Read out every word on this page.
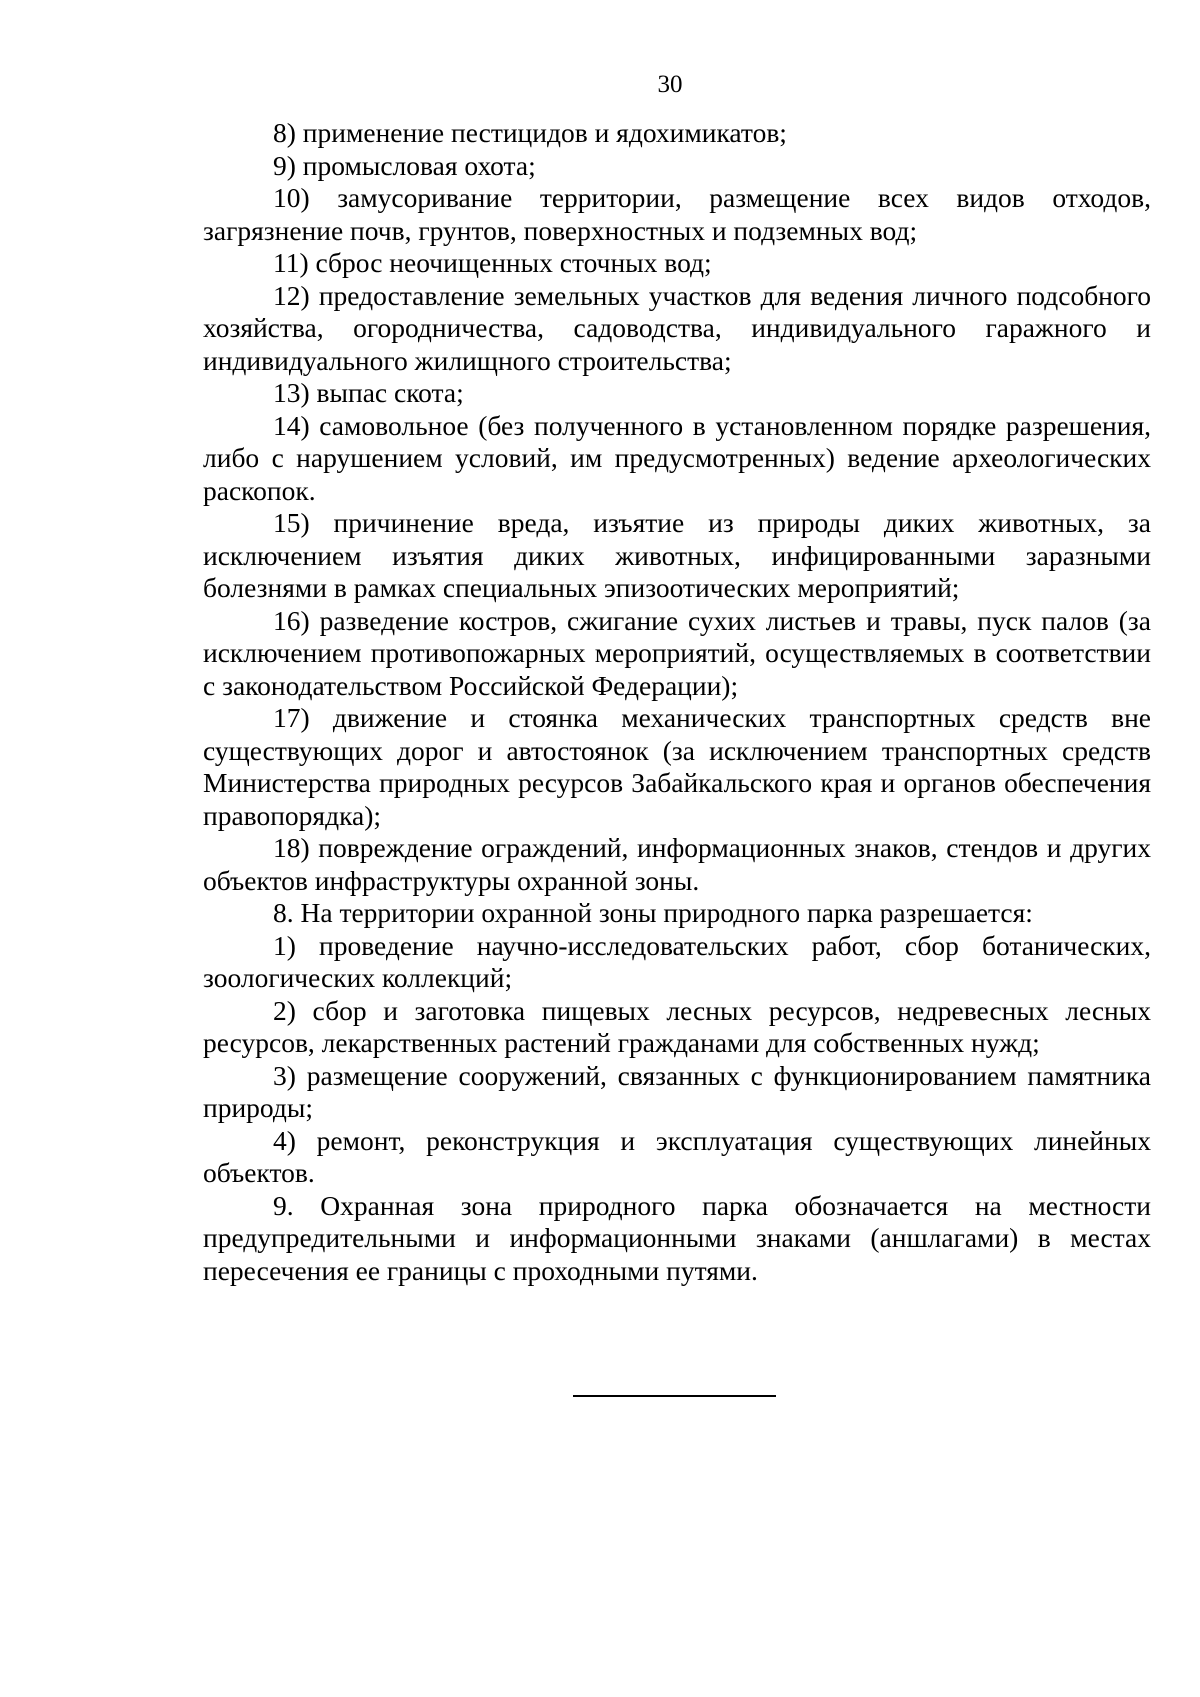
30

8) применение пестицидов и ядохимикатов;

9) промысловая охота;

10) замусоривание территории, размещение всех видов отходов, загрязнение почв, грунтов, поверхностных и подземных вод;

11) сброс неочищенных сточных вод;

12) предоставление земельных участков для ведения личного подсобного хозяйства, огородничества, садоводства, индивидуального гаражного и индивидуального жилищного строительства;

13) выпас скота;

14) самовольное (без полученного в установленном порядке разрешения, либо с нарушением условий, им предусмотренных) ведение археологических раскопок.

15) причинение вреда, изъятие из природы диких животных, за исключением изъятия диких животных, инфицированными заразными болезнями в рамках специальных эпизоотических мероприятий;

16) разведение костров, сжигание сухих листьев и травы, пуск палов (за исключением противопожарных мероприятий, осуществляемых в соответствии с законодательством Российской Федерации);

17) движение и стоянка механических транспортных средств вне существующих дорог и автостоянок (за исключением транспортных средств Министерства природных ресурсов Забайкальского края и органов обеспечения правопорядка);

18) повреждение ограждений, информационных знаков, стендов и других объектов инфраструктуры охранной зоны.

8. На территории охранной зоны природного парка разрешается:

1) проведение научно-исследовательских работ, сбор ботанических, зоологических коллекций;

2) сбор и заготовка пищевых лесных ресурсов, недревесных лесных ресурсов, лекарственных растений гражданами для собственных нужд;

3) размещение сооружений, связанных с функционированием памятника природы;

4) ремонт, реконструкция и эксплуатация существующих линейных объектов.

9. Охранная зона природного парка обозначается на местности предупредительными и информационными знаками (аншлагами) в местах пересечения ее границы с проходными путями.
